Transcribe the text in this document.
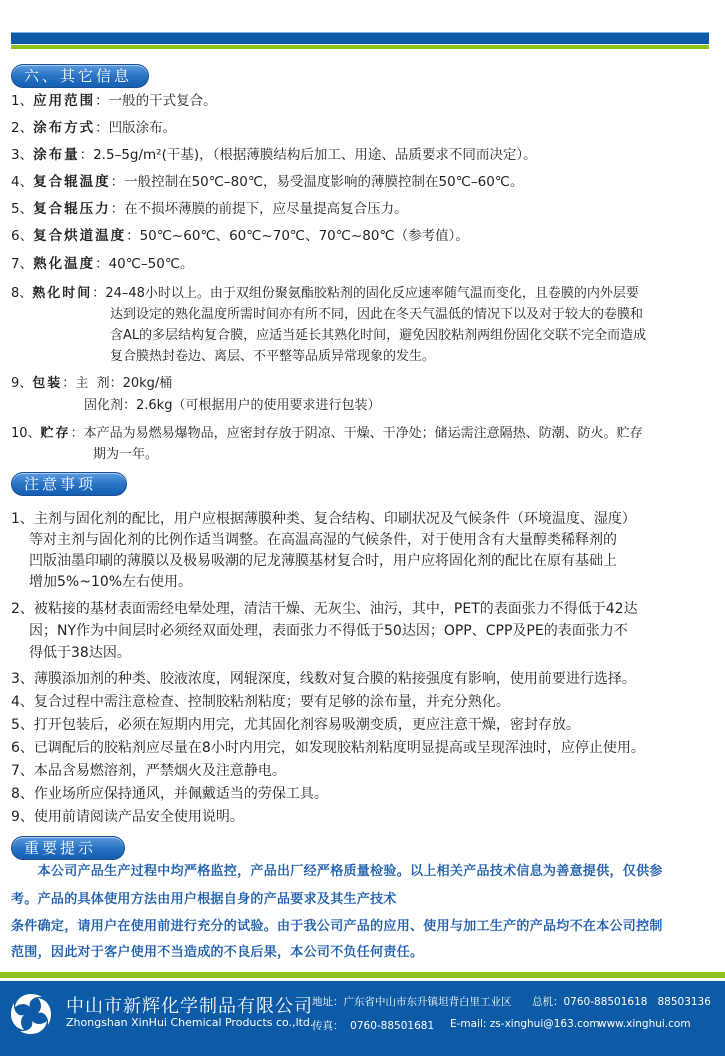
六、其它信息
1、应用范围：一般的干式复合。
2、涂布方式：凹版涂布。
3、涂布量：2.5–5g/m²(干基)，（根据薄膜结构后加工、用途、品质要求不同而决定）。
4、复合辊温度：一般控制在50℃–80℃，易受温度影响的薄膜控制在50℃–60℃。
5、复合辊压力：在不损坏薄膜的前提下，应尽量提高复合压力。
6、复合烘道温度：50℃~60℃、60℃~70℃、70℃~80℃（参考值）。
7、熟化温度：40℃–50℃。
8、熟化时间：24–48小时以上。由于双组份聚氨酯胶粘剂的固化反应速率随气温而变化，且卷膜的内外层要
达到设定的熟化温度所需时间亦有所不同，因此在冬天气温低的情况下以及对于较大的卷膜和
含AL的多层结构复合膜，应适当延长其熟化时间，避免因胶粘剂两组份固化交联不完全而造成
复合膜热封卷边、离层、不平整等品质异常现象的发生。
9、包装：主  剂：20kg/桶
固化剂：2.6kg（可根据用户的使用要求进行包装）
10、贮存：本产品为易燃易爆物品，应密封存放于阴凉、干燥、干净处；储运需注意隔热、防潮、防火。贮存
期为一年。
注意事项
1、主剂与固化剂的配比，用户应根据薄膜种类、复合结构、印刷状况及气候条件（环境温度、湿度）
等对主剂与固化剂的比例作适当调整。在高温高湿的气候条件，对于使用含有大量醇类稀释剂的
凹版油墨印刷的薄膜以及极易吸潮的尼龙薄膜基材复合时，用户应将固化剂的配比在原有基础上
增加5%~10%左右使用。
2、被粘接的基材表面需经电晕处理，清洁干燥、无灰尘、油污，其中，PET的表面张力不得低于42达
因；NY作为中间层时必须经双面处理，表面张力不得低于50达因；OPP、CPP及PE的表面张力不
得低于38达因。
3、薄膜添加剂的种类、胶液浓度，网辊深度，线数对复合膜的粘接强度有影响，使用前要进行选择。
4、复合过程中需注意检查、控制胶粘剂粘度；要有足够的涂布量，并充分熟化。
5、打开包装后，必须在短期内用完，尤其固化剂容易吸潮变质，更应注意干燥，密封存放。
6、已调配后的胶粘剂应尽量在8小时内用完，如发现胶粘剂粘度明显提高或呈现浑浊时，应停止使用。
7、本品含易燃溶剂，严禁烟火及注意静电。
8、作业场所应保持通风，并佩戴适当的劳保工具。
9、使用前请阅读产品安全使用说明。
重要提示
　　本公司产品生产过程中均严格监控，产品出厂经严格质量检验。以上相关产品技术信息为善意提供，仅供参
考。产品的具体使用方法由用户根据自身的产品要求及其生产技术
条件确定，请用户在使用前进行充分的试验。由于我公司产品的应用、使用与加工生产的产品均不在本公司控制
范围，因此对于客户使用不当造成的不良后果，本公司不负任何责任。
中山市新辉化学制品有限公司
Zhongshan XinHui Chemical Products co.,ltd.
地址：广东省中山市东升镇坦背白里工业区 总机：0760-88501618   88503136
传真：  0760-88501681 E-mail: zs-xinghui@163.com
www.xinghui.com
